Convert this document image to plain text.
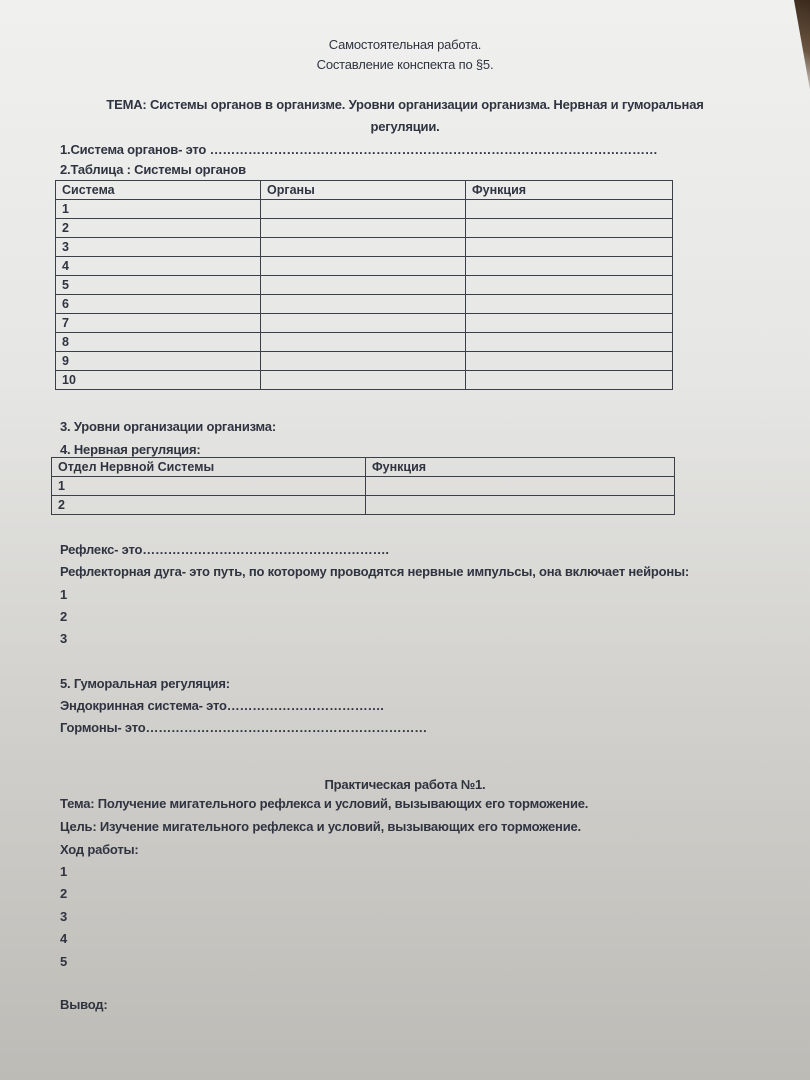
Самостоятельная работа.
Составление конспекта по §5.
ТЕМА: Системы органов в организме. Уровни организации организма. Нервная и гуморальная
регуляции.
1.Система органов- это ……………………………………………………………………………………………
2.Таблица : Системы органов
Система	Органы	Функция
1		
2		
3		
4		
5		
6		
7		
8		
9		
10		
3. Уровни организации организма:
4. Нервная регуляция:
Отдел Нервной Системы	Функция
1	
2	
Рефлекс- это………………………………………………….
Рефлекторная дуга- это путь, по которому проводятся нервные импульсы, она включает нейроны:
1
2
3
5. Гуморальная регуляция:
Эндокринная система- это……………………………….
Гормоны- это…………………………………………………………
Практическая работа №1.
Тема: Получение мигательного рефлекса и условий, вызывающих его торможение.
Цель: Изучение мигательного рефлекса и условий, вызывающих его торможение.
Ход работы:
1
2
3
4
5
Вывод:
